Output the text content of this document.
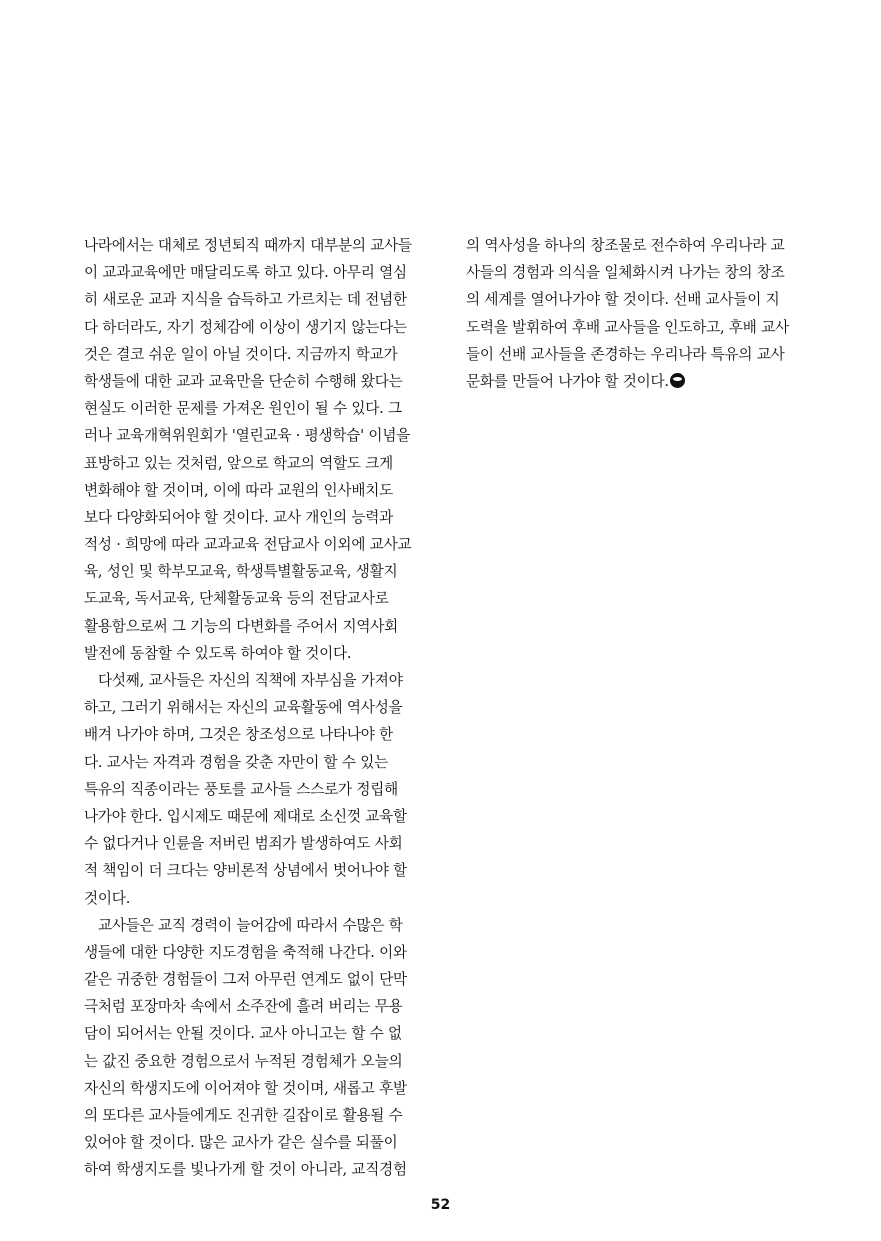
나라에서는 대체로 정년퇴직 때까지 대부분의 교사들
이 교과교육에만 매달리도록 하고 있다. 아무리 열심
히 새로운 교과 지식을 습득하고 가르치는 데 전념한
다 하더라도, 자기 정체감에 이상이 생기지 않는다는
것은 결코 쉬운 일이 아닐 것이다. 지금까지 학교가
학생들에 대한 교과 교육만을 단순히 수행해 왔다는
현실도 이러한 문제를 가져온 원인이 될 수 있다. 그
러나 교육개혁위원회가 '열린교육 · 평생학습' 이념을
표방하고 있는 것처럼, 앞으로 학교의 역할도 크게
변화해야 할 것이며, 이에 따라 교원의 인사배치도
보다 다양화되어야 할 것이다. 교사 개인의 능력과
적성 · 희망에 따라 교과교육 전담교사 이외에 교사교
육, 성인 및 학부모교육, 학생특별활동교육, 생활지
도교육, 독서교육, 단체활동교육 등의 전담교사로
활용함으로써 그 기능의 다변화를 주어서 지역사회
발전에 동참할 수 있도록 하여야 할 것이다.
다섯째, 교사들은 자신의 직책에 자부심을 가져야
하고, 그러기 위해서는 자신의 교육활동에 역사성을
배겨 나가야 하며, 그것은 창조성으로 나타나야 한
다. 교사는 자격과 경험을 갖춘 자만이 할 수 있는
특유의 직종이라는 풍토를 교사들 스스로가 정립해
나가야 한다. 입시제도 때문에 제대로 소신껏 교육할
수 없다거나 인륜을 저버린 범죄가 발생하여도 사회
적 책임이 더 크다는 양비론적 상념에서 벗어나야 할
것이다.
교사들은 교직 경력이 늘어감에 따라서 수많은 학
생들에 대한 다양한 지도경험을 축적해 나간다. 이와
같은 귀중한 경험들이 그저 아무런 연계도 없이 단막
극처럼 포장마차 속에서 소주잔에 흘려 버리는 무용
담이 되어서는 안될 것이다. 교사 아니고는 할 수 없
는 값진 중요한 경험으로서 누적된 경험체가 오늘의
자신의 학생지도에 이어져야 할 것이며, 새롭고 후발
의 또다른 교사들에게도 진귀한 길잡이로 활용될 수
있어야 할 것이다. 많은 교사가 같은 실수를 되풀이
하여 학생지도를 빛나가게 할 것이 아니라, 교직경험
의 역사성을 하나의 창조물로 전수하여 우리나라 교
사들의 경험과 의식을 일체화시켜 나가는 창의 창조
의 세계를 열어나가야 할 것이다. 선배 교사들이 지
도력을 발휘하여 후배 교사들을 인도하고, 후배 교사
들이 선배 교사들을 존경하는 우리나라 특유의 교사
문화를 만들어 나가야 할 것이다.
52
